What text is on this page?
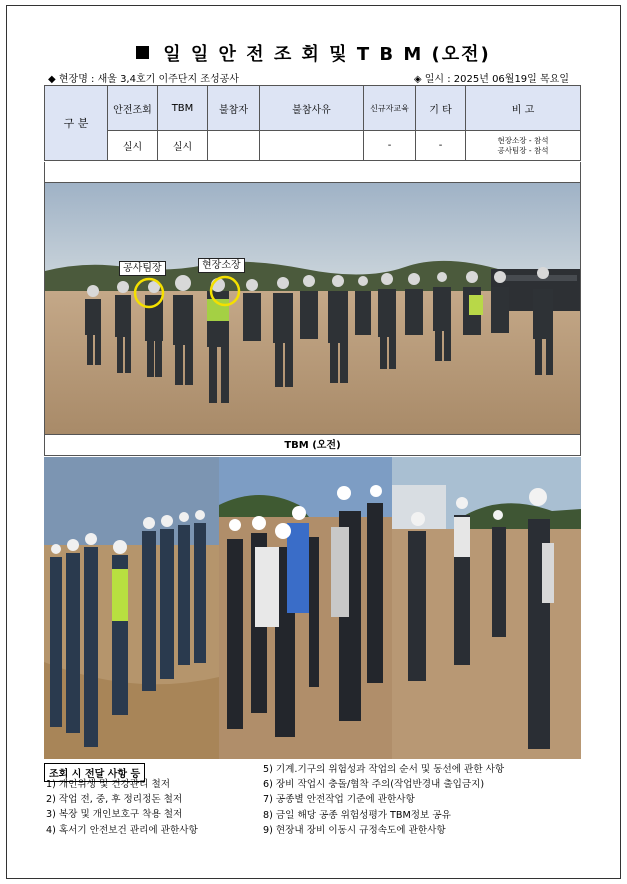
일 일 안 전 조 회 및 T B M (오전)
◆ 현장명 : 새울 3,4호기 이주단지 조성공사	◈ 일시 : 2025년 06월19일 목요일
구 분	안전조회	TBM	불참자	불참사유	신규자교육	기 타	비 고
	실시	실시			-	-	현장소장 - 참석
공사팀장 - 참석
공사팀장	현장소장
TBM (오전)
조회 시 전달 사항 등
1) 개인위생 및 건강관리 철저
2) 작업 전, 중, 후 정리정돈 철저
3) 복장 및 개인보호구 착용 철저
4) 혹서기 안전보건 관리에 관한사항
5) 기계.기구의 위험성과 작업의 순서 및 동선에 관한 사항
6) 장비 작업시 충돌/협착 주의(작업반경내 출입금지)
7) 공종별 안전작업 기준에 관한사항
8) 금일 해당 공종 위험성평가 TBM정보 공유
9) 현장내 장비 이동시 규정속도에 관한사항
